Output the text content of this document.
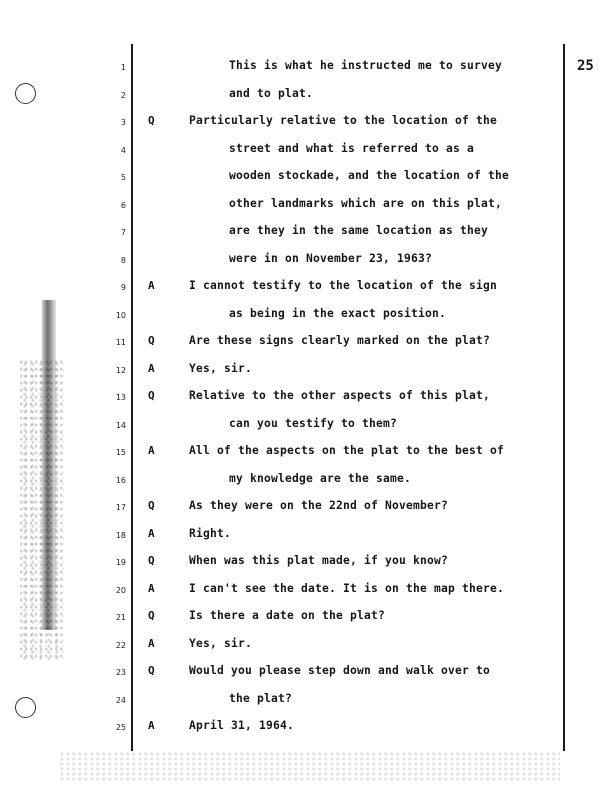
25
1	This is what he instructed me to survey
2	and to plat.
3 Q	Particularly relative to the location of the
4	street and what is referred to as a
5	wooden stockade, and the location of the
6	other landmarks which are on this plat,
7	are they in the same location as they
8	were in on November 23, 1963?
9 A	I cannot testify to the location of the sign
10	as being in the exact position.
11 Q	Are these signs clearly marked on the plat?
12 A	Yes, sir.
13 Q	Relative to the other aspects of this plat,
14	can you testify to them?
15 A	All of the aspects on the plat to the best of
16	my knowledge are the same.
17 Q	As they were on the 22nd of November?
18 A	Right.
19 Q	When was this plat made, if you know?
20 A	I can't see the date. It is on the map there.
21 Q	Is there a date on the plat?
22 A	Yes, sir.
23 Q	Would you please step down and walk over to
24	the plat?
25 A	April 31, 1964.
